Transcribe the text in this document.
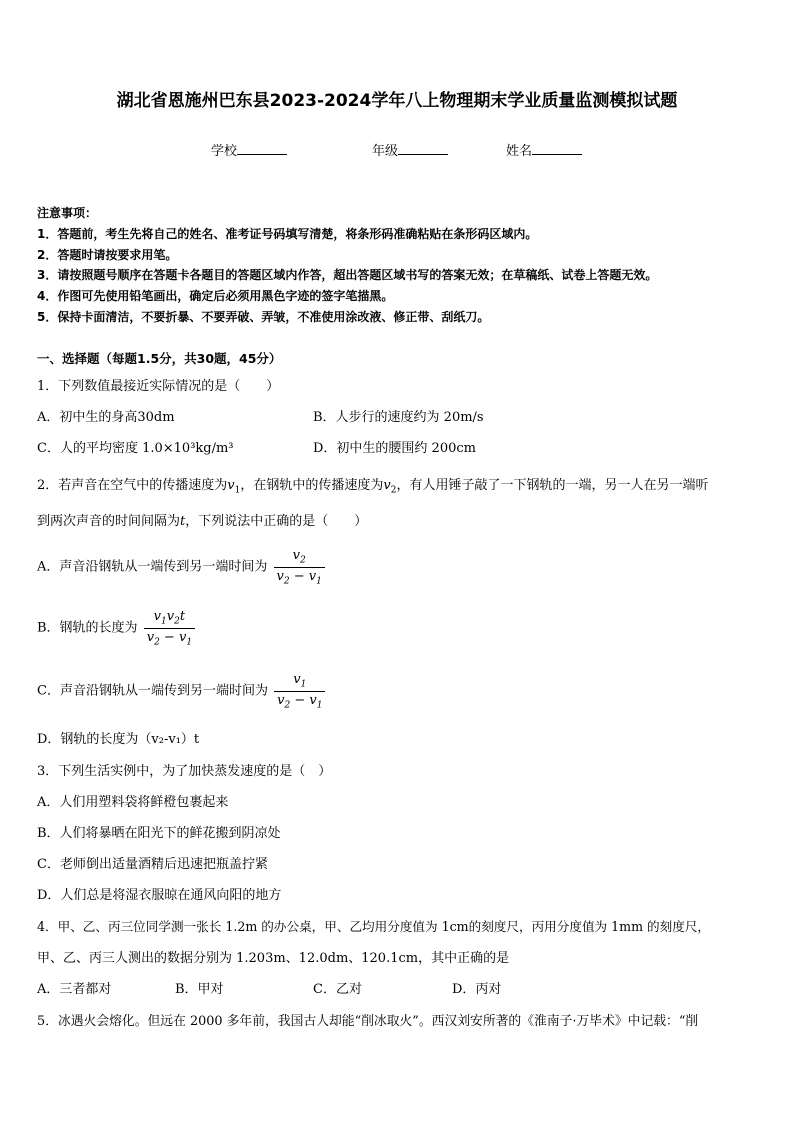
湖北省恩施州巴东县2023-2024学年八上物理期末学业质量监测模拟试题
学校	年级	姓名
注意事项：
1．答题前，考生先将自己的姓名、准考证号码填写清楚，将条形码准确粘贴在条形码区域内。
2．答题时请按要求用笔。
3．请按照题号顺序在答题卡各题目的答题区域内作答，超出答题区域书写的答案无效；在草稿纸、试卷上答题无效。
4．作图可先使用铅笔画出，确定后必须用黑色字迹的签字笔描黑。
5．保持卡面清洁，不要折暴、不要弄破、弄皱，不准使用涂改液、修正带、刮纸刀。
一、选择题（每题1.5分，共30题，45分）
1．下列数值最接近实际情况的是（　　）
A．初中生的身高30dm	B．人步行的速度约为 20m/s
C．人的平均密度 1.0×10³kg/m³	D．初中生的腰围约 200cm
2．若声音在空气中的传播速度为$v_1$，在钢轨中的传播速度为$v_2$，有人用锤子敲了一下钢轨的一端，另一人在另一端听
到两次声音的时间间隔为t，下列说法中正确的是（　　）
A．声音沿钢轨从一端传到另一端时间为 $\frac{v_2}{v_2 - v_1}$
B．钢轨的长度为 $\frac{v_1v_2t}{v_2 - v_1}$
C．声音沿钢轨从一端传到另一端时间为 $\frac{v_1}{v_2 - v_1}$
D．钢轨的长度为（v₂-v₁）t
3．下列生活实例中，为了加快蒸发速度的是（　）
A．人们用塑料袋将鲜橙包裹起来
B．人们将暴晒在阳光下的鲜花搬到阴凉处
C．老师倒出适量酒精后迅速把瓶盖拧紧
D．人们总是将湿衣服晾在通风向阳的地方
4．甲、乙、丙三位同学测一张长 1.2m 的办公桌，甲、乙均用分度值为 1cm的刻度尺，丙用分度值为 1mm 的刻度尺，
甲、乙、丙三人测出的数据分别为 1.203m、12.0dm、120.1cm，其中正确的是
A．三者都对	B．甲对	C．乙对	D．丙对
5．冰遇火会熔化。但远在 2000 多年前，我国古人却能“削冰取火”。西汉刘安所著的《淮南子·万毕术》中记载：“削
